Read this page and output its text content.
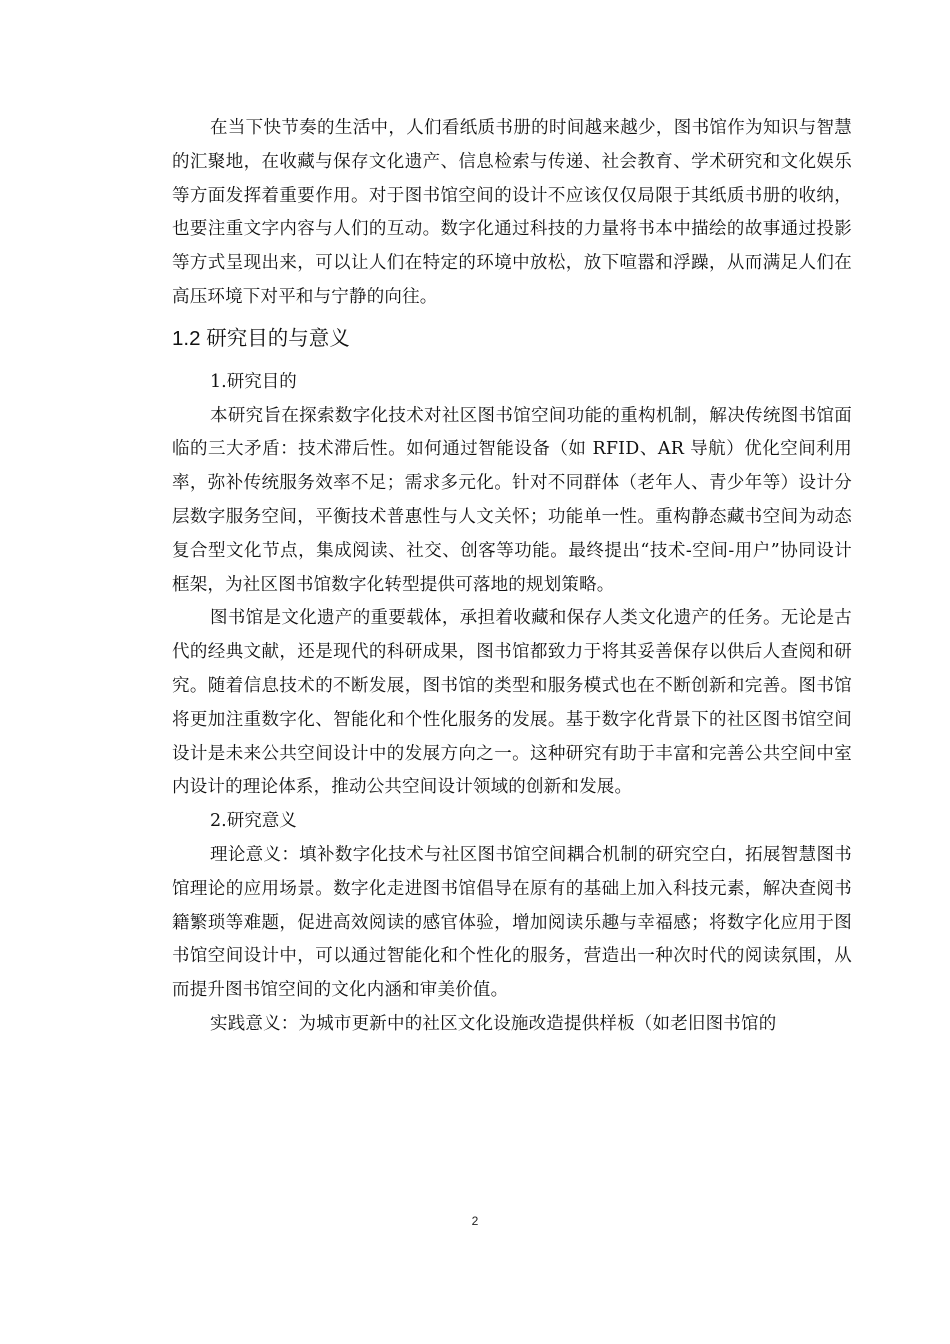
在当下快节奏的生活中，人们看纸质书册的时间越来越少，图书馆作为知识与智慧的汇聚地，在收藏与保存文化遗产、信息检索与传递、社会教育、学术研究和文化娱乐等方面发挥着重要作用。对于图书馆空间的设计不应该仅仅局限于其纸质书册的收纳，也要注重文字内容与人们的互动。数字化通过科技的力量将书本中描绘的故事通过投影等方式呈现出来，可以让人们在特定的环境中放松，放下喧嚣和浮躁，从而满足人们在高压环境下对平和与宁静的向往。

1.2 研究目的与意义

1.研究目的

本研究旨在探索数字化技术对社区图书馆空间功能的重构机制，解决传统图书馆面临的三大矛盾：技术滞后性。如何通过智能设备（如 RFID、AR 导航）优化空间利用率，弥补传统服务效率不足；需求多元化。针对不同群体（老年人、青少年等）设计分层数字服务空间，平衡技术普惠性与人文关怀；功能单一性。重构静态藏书空间为动态复合型文化节点，集成阅读、社交、创客等功能。最终提出“技术-空间-用户”协同设计框架，为社区图书馆数字化转型提供可落地的规划策略。

图书馆是文化遗产的重要载体，承担着收藏和保存人类文化遗产的任务。无论是古代的经典文献，还是现代的科研成果，图书馆都致力于将其妥善保存以供后人查阅和研究。随着信息技术的不断发展，图书馆的类型和服务模式也在不断创新和完善。图书馆将更加注重数字化、智能化和个性化服务的发展。基于数字化背景下的社区图书馆空间设计是未来公共空间设计中的发展方向之一。这种研究有助于丰富和完善公共空间中室内设计的理论体系，推动公共空间设计领域的创新和发展。

2.研究意义

理论意义：填补数字化技术与社区图书馆空间耦合机制的研究空白，拓展智慧图书馆理论的应用场景。数字化走进图书馆倡导在原有的基础上加入科技元素，解决查阅书籍繁琐等难题，促进高效阅读的感官体验，增加阅读乐趣与幸福感；将数字化应用于图书馆空间设计中，可以通过智能化和个性化的服务，营造出一种次时代的阅读氛围，从而提升图书馆空间的文化内涵和审美价值。

实践意义：为城市更新中的社区文化设施改造提供样板（如老旧图书馆的

2
